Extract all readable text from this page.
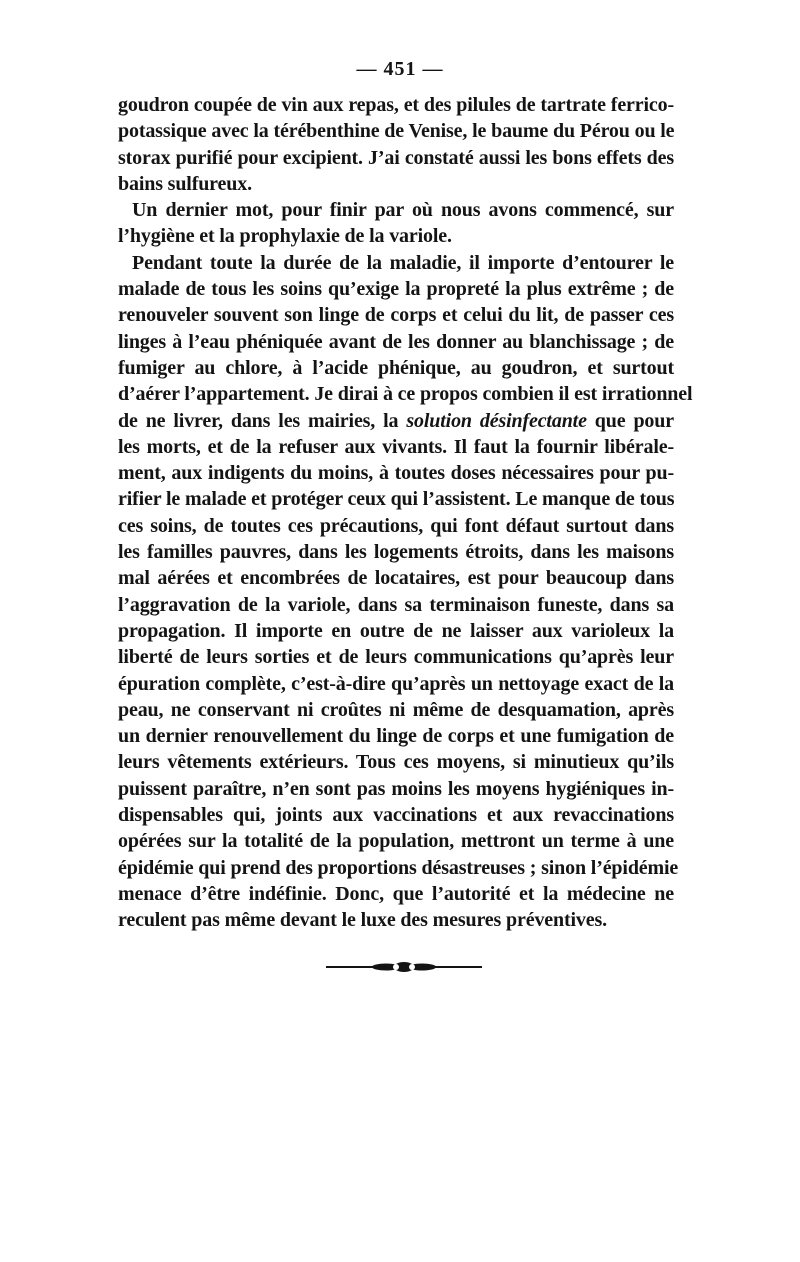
— 451 —
goudron coupée de vin aux repas, et des pilules de tartrate ferrico-
potassique avec la térébenthine de Venise, le baume du Pérou ou le
storax purifié pour excipient. J’ai constaté aussi les bons effets des
bains sulfureux.
Un dernier mot, pour finir par où nous avons commencé, sur
l’hygiène et la prophylaxie de la variole.
Pendant toute la durée de la maladie, il importe d’entourer le
malade de tous les soins qu’exige la propreté la plus extrême ; de
renouveler souvent son linge de corps et celui du lit, de passer ces
linges à l’eau phéniquée avant de les donner au blanchissage ; de
fumiger au chlore, à l’acide phénique, au goudron, et surtout
d’aérer l’appartement. Je dirai à ce propos combien il est irrationnel
de ne livrer, dans les mairies, la solution désinfectante que pour
les morts, et de la refuser aux vivants. Il faut la fournir libérale-
ment, aux indigents du moins, à toutes doses nécessaires pour pu-
rifier le malade et protéger ceux qui l’assistent. Le manque de tous
ces soins, de toutes ces précautions, qui font défaut surtout dans
les familles pauvres, dans les logements étroits, dans les maisons
mal aérées et encombrées de locataires, est pour beaucoup dans
l’aggravation de la variole, dans sa terminaison funeste, dans sa
propagation. Il importe en outre de ne laisser aux varioleux la
liberté de leurs sorties et de leurs communications qu’après leur
épuration complète, c’est-à-dire qu’après un nettoyage exact de la
peau, ne conservant ni croûtes ni même de desquamation, après
un dernier renouvellement du linge de corps et une fumigation de
leurs vêtements extérieurs. Tous ces moyens, si minutieux qu’ils
puissent paraître, n’en sont pas moins les moyens hygiéniques in-
dispensables qui, joints aux vaccinations et aux revaccinations
opérées sur la totalité de la population, mettront un terme à une
épidémie qui prend des proportions désastreuses ; sinon l’épidémie
menace d’être indéfinie. Donc, que l’autorité et la médecine ne
reculent pas même devant le luxe des mesures préventives.
